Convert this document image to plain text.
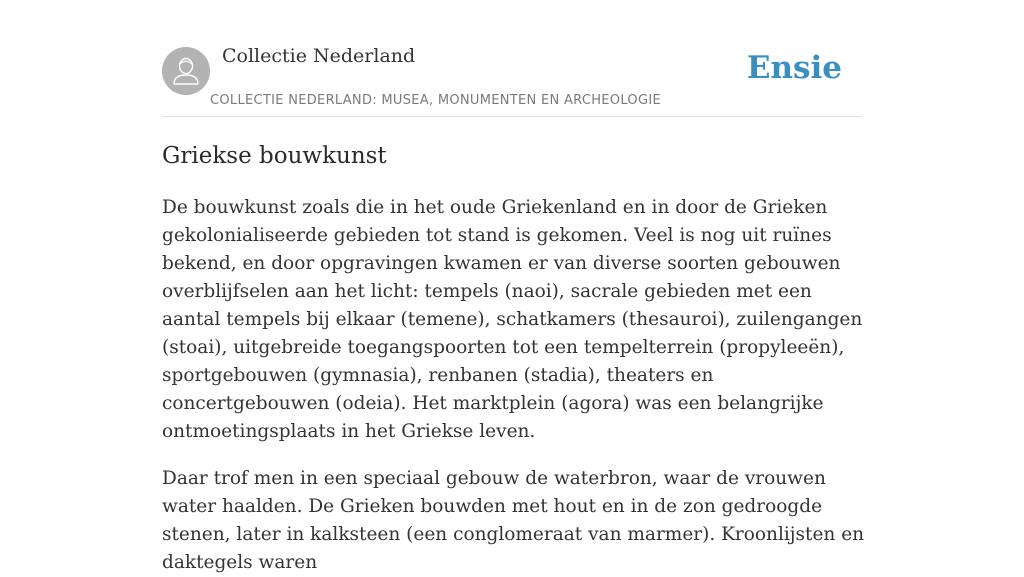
Collectie Nederland

COLLECTIE NEDERLAND: MUSEA, MONUMENTEN EN ARCHEOLOGIE
Ensie
Griekse bouwkunst

De bouwkunst zoals die in het oude Griekenland en in door de Grieken gekolonialiseerde gebieden tot stand is gekomen. Veel is nog uit ruïnes bekend, en door opgravingen kwamen er van diverse soorten gebouwen overblijfselen aan het licht: tempels (naoi), sacrale gebieden met een aantal tempels bij elkaar (temene), schatkamers (thesauroi), zuilengangen (stoai), uitgebreide toegangspoorten tot een tempelterrein (propyleeën), sportgebouwen (gymnasia), renbanen (stadia), theaters en concertgebouwen (odeia). Het marktplein (agora) was een belangrijke ontmoetingsplaats in het Griekse leven.

Daar trof men in een speciaal gebouw de waterbron, waar de vrouwen water haalden. De Grieken bouwden met hout en in de zon gedroogde stenen, later in kalksteen (een conglomeraat van marmer). Kroonlijsten en daktegels waren
